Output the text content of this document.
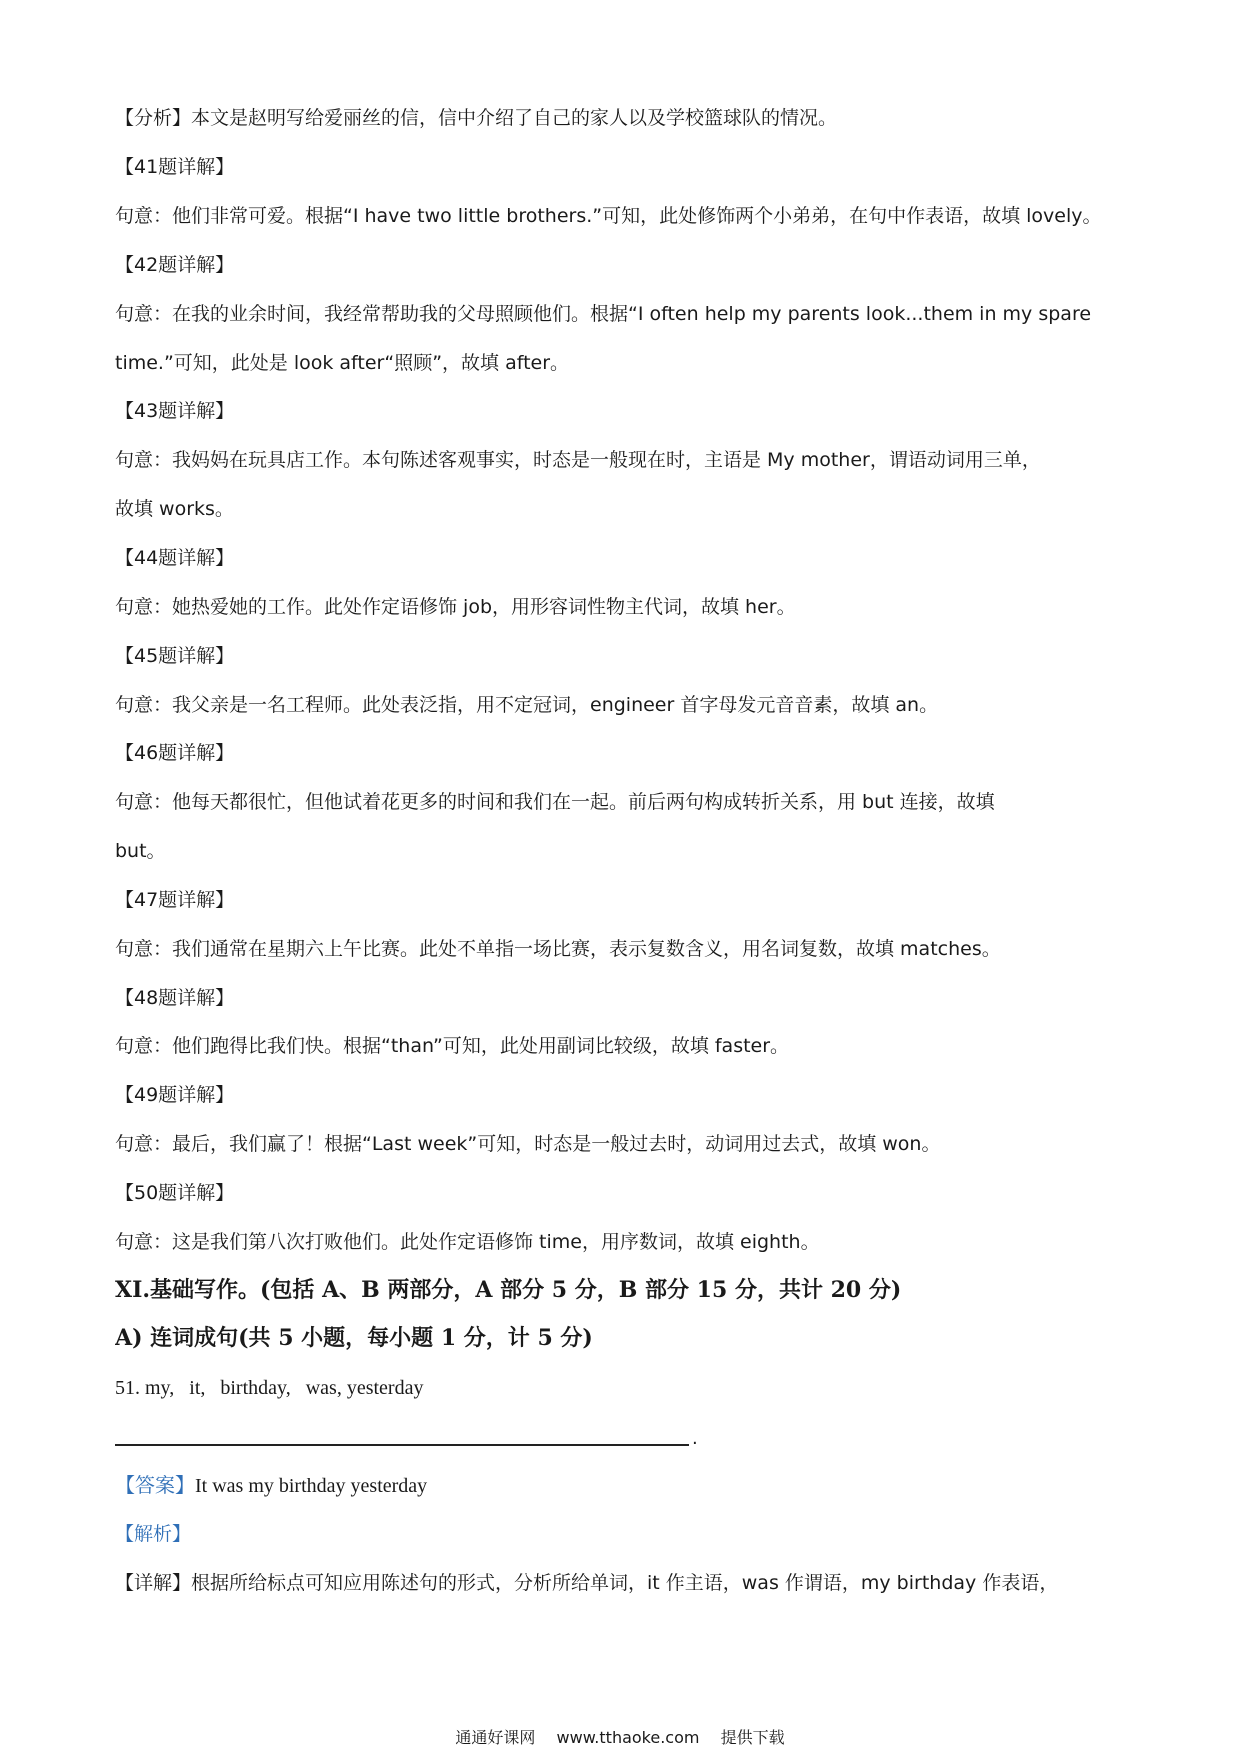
【分析】本文是赵明写给爱丽丝的信，信中介绍了自己的家人以及学校篮球队的情况。
【41题详解】
句意：他们非常可爱。根据“I have two little brothers.”可知，此处修饰两个小弟弟，在句中作表语，故填 lovely。
【42题详解】
句意：在我的业余时间，我经常帮助我的父母照顾他们。根据“I often help my parents look...them in my spare
time.”可知，此处是 look after“照顾”，故填 after。
【43题详解】
句意：我妈妈在玩具店工作。本句陈述客观事实，时态是一般现在时，主语是 My mother，谓语动词用三单，
故填 works。
【44题详解】
句意：她热爱她的工作。此处作定语修饰 job，用形容词性物主代词，故填 her。
【45题详解】
句意：我父亲是一名工程师。此处表泛指，用不定冠词，engineer 首字母发元音音素，故填 an。
【46题详解】
句意：他每天都很忙，但他试着花更多的时间和我们在一起。前后两句构成转折关系，用 but 连接，故填
but。
【47题详解】
句意：我们通常在星期六上午比赛。此处不单指一场比赛，表示复数含义，用名词复数，故填 matches。
【48题详解】
句意：他们跑得比我们快。根据“than”可知，此处用副词比较级，故填 faster。
【49题详解】
句意：最后，我们赢了！根据“Last week”可知，时态是一般过去时，动词用过去式，故填 won。
【50题详解】
句意：这是我们第八次打败他们。此处作定语修饰 time，用序数词，故填 eighth。
XI.基础写作。(包括 A、B 两部分，A 部分 5 分，B 部分 15 分，共计 20 分)
A) 连词成句(共 5 小题，每小题 1 分，计 5 分)
51. my,   it,   birthday,   was, yesterday
.
【答案】It was my birthday yesterday
【解析】
【详解】根据所给标点可知应用陈述句的形式，分析所给单词，it 作主语，was 作谓语，my birthday 作表语，
通通好课网 www.tthaoke.com 提供下载
